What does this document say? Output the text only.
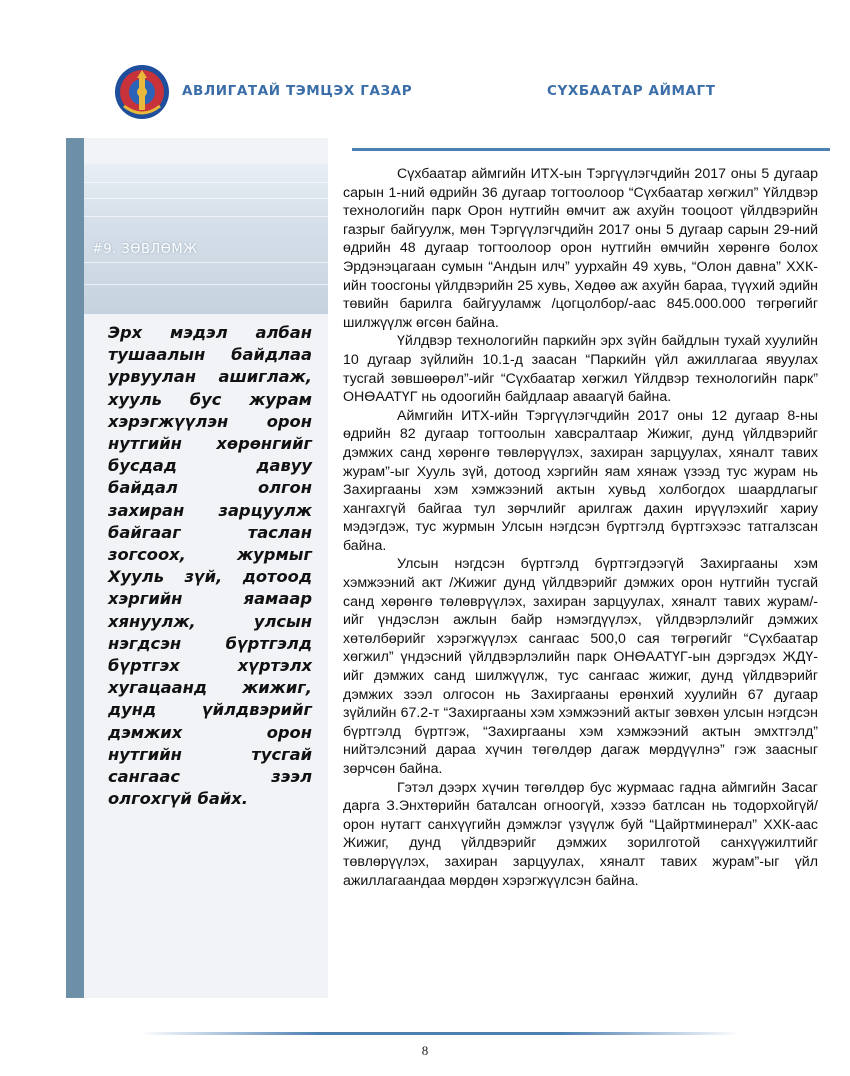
АВЛИГАТАЙ ТЭМЦЭХ ГАЗАР	СҮХБААТАР АЙМАГТ
#9. ЗӨВЛӨМЖ
Эрх мэдэл албан тушаалын байдлаа урвуулан ашиглаж, хууль бус журам хэрэгжүүлэн орон нутгийн хөрөнгийг бусдад давуу байдал олгон захиран зарцуулж байгааг таслан зогсоох, журмыг Хууль зүй, дотоод хэргийн яамаар хянуулж, улсын нэгдсэн бүртгэлд бүртгэх хүртэлх хугацаанд жижиг, дунд үйлдвэрийг дэмжих орон нутгийн тусгай сангаас зээл олгохгүй байх.

Сүхбаатар аймгийн ИТХ-ын Тэргүүлэгчдийн 2017 оны 5 дугаар сарын 1-ний өдрийн 36 дугаар тогтоолоор “Сүхбаатар хөгжил” Үйлдвэр технологийн парк Орон нутгийн өмчит аж ахуйн тооцоот үйлдвэрийн газрыг байгуулж, мөн Тэргүүлэгчдийн 2017 оны 5 дугаар сарын 29-ний өдрийн 48 дугаар тогтоолоор орон нутгийн өмчийн хөрөнгө болох Эрдэнэцагаан сумын “Андын илч” уурхайн 49 хувь, “Олон давна” ХХК-ийн тоосгоны үйлдвэрийн 25 хувь, Хөдөө аж ахуйн бараа, түүхий эдийн төвийн барилга байгууламж /цогцолбор/-аас 845.000.000 төгрөгийг шилжүүлж өгсөн байна.

Үйлдвэр технологийн паркийн эрх зүйн байдлын тухай хуулийн 10 дугаар зүйлийн 10.1-д заасан “Паркийн үйл ажиллагаа явуулах тусгай зөвшөөрөл”-ийг “Сүхбаатар хөгжил Үйлдвэр технологийн парк” ОНӨААТҮГ нь одоогийн байдлаар аваагүй байна.

Аймгийн ИТХ-ийн Тэргүүлэгчдийн 2017 оны 12 дугаар 8-ны өдрийн 82 дугаар тогтоолын хавсралтаар Жижиг, дунд үйлдвэрийг дэмжих санд хөрөнгө төвлөрүүлэх, захиран зарцуулах, хяналт тавих журам”-ыг Хууль зүй, дотоод хэргийн яам хянаж үзээд тус журам нь Захиргааны хэм хэмжээний актын хувьд холбогдох шаардлагыг хангахгүй байгаа тул зөрчлийг арилгаж дахин ирүүлэхийг хариу мэдэгдэж, тус журмын Улсын нэгдсэн бүртгэлд бүртгэхээс татгалзсан байна.

Улсын нэгдсэн бүртгэлд бүртгэгдээгүй Захиргааны хэм хэмжээний акт /Жижиг дунд үйлдвэрийг дэмжих орон нутгийн тусгай санд хөрөнгө төлөврүүлэх, захиран зарцуулах, хяналт тавих журам/-ийг үндэслэн ажлын байр нэмэгдүүлэх, үйлдвэрлэлийг дэмжих хөтөлбөрийг хэрэгжүүлэх сангаас 500,0 сая төгрөгийг “Сүхбаатар хөгжил” үндэсний үйлдвэрлэлийн парк ОНӨААТҮГ-ын дэргэдэх ЖДҮ-ийг дэмжих санд шилжүүлж, тус сангаас жижиг, дунд үйлдвэрийг дэмжих зээл олгосон нь Захиргааны ерөнхий хуулийн 67 дугаар зүйлийн 67.2-т “Захиргааны хэм хэмжээний актыг зөвхөн улсын нэгдсэн бүртгэлд бүртгэж, “Захиргааны хэм хэмжээний актын эмхтгэлд” нийтэлсэний дараа хүчин төгөлдөр дагаж мөрдүүлнэ” гэж заасныг зөрчсөн байна.

Гэтэл дээрх хүчин төгөлдөр бус журмаас гадна аймгийн Засаг дарга З.Энхтөрийн баталсан огноогүй, хэзээ батлсан нь тодорхойгүй/ орон нутагт санхүүгийн дэмжлэг үзүүлж буй “Цайртминерал” ХХК-аас Жижиг, дунд үйлдвэрийг дэмжих зорилготой санхүүжилтийг төвлөрүүлэх, захиран зарцуулах, хяналт тавих журам”-ыг үйл ажиллагаандаа мөрдөн хэрэгжүүлсэн байна.

8
